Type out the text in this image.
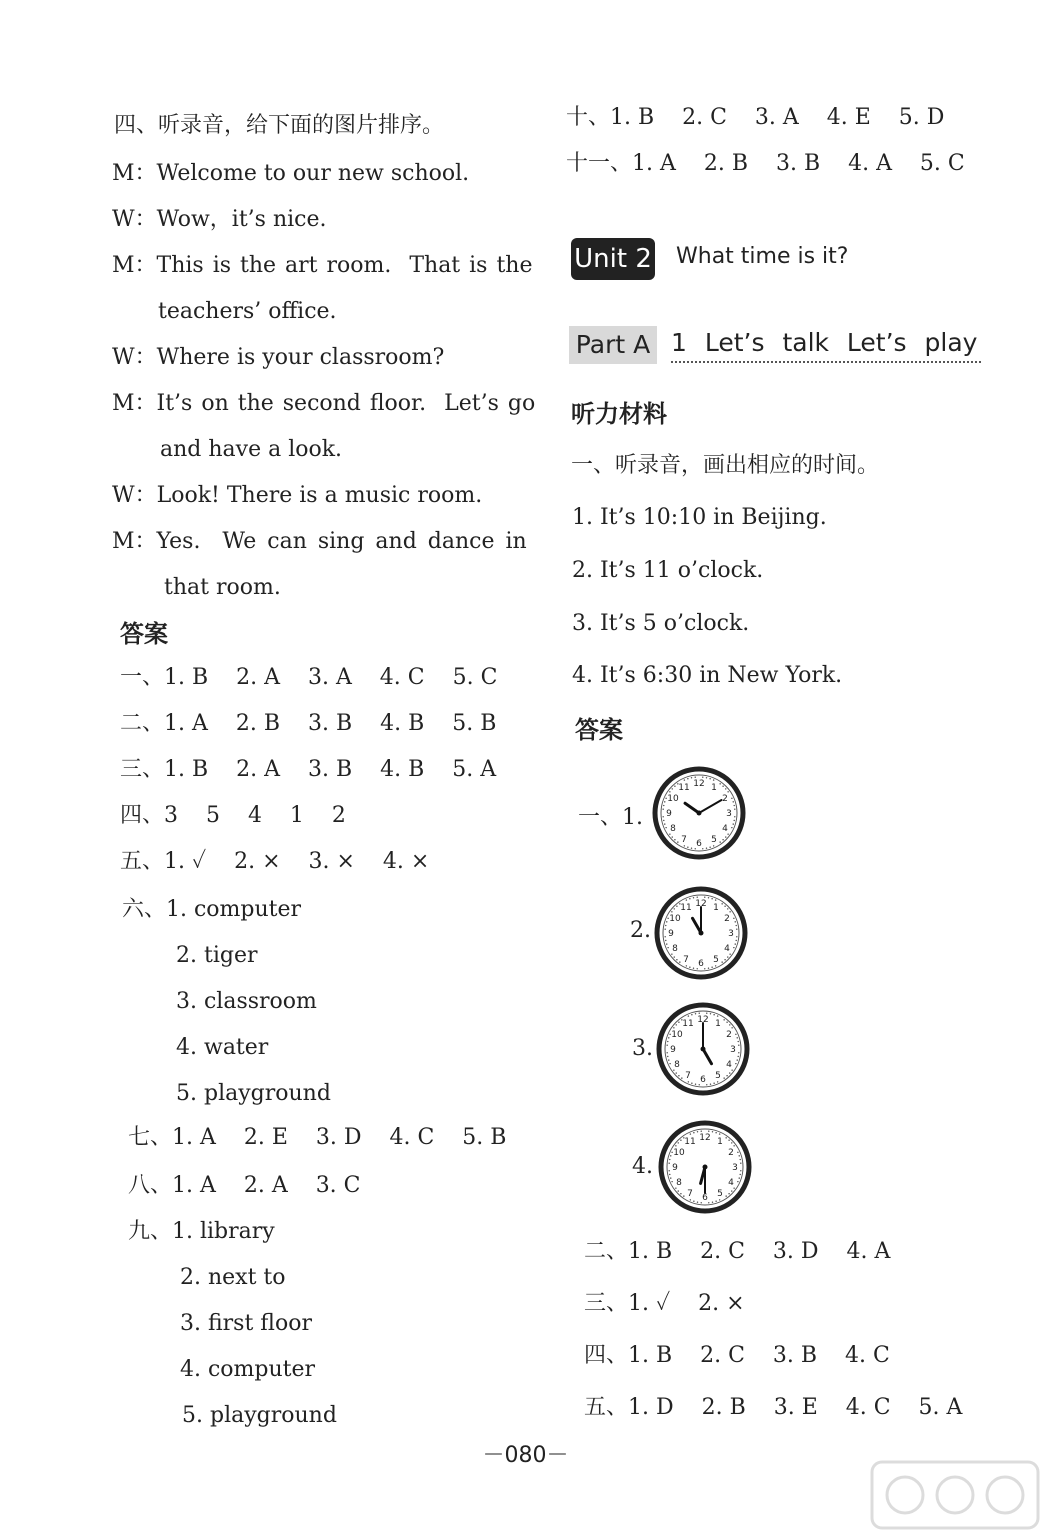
四、听录音，给下面的图片排序。
M：Welcome to our new school.
W：Wow，it’s nice.
M：This is the art room.  That is the
teachers’ office.
W：Where is your classroom?
M：It’s on the second floor.  Let’s go
and have a look.
W：Look! There is a music room.
M：Yes.  We can sing and dance in
that room.
答案
一、1. B    2. A    3. A    4. C    5. C
二、1. A    2. B    3. B    4. B    5. B
三、1. B    2. A    3. B    4. B    5. A
四、3    5    4    1    2
五、1. ✓    2. ×    3. ×    4. ×
六、1. computer
2. tiger
3. classroom
4. water
5. playground
七、1. A    2. E    3. D    4. C    5. B
八、1. A    2. A    3. C
九、1. library
2. next to
3. first floor
4. computer
5. playground
十、1. B    2. C    3. A    4. E    5. D
十一、1. A    2. B    3. B    4. A    5. C
Unit 2 What time is it?
Part A 1 Let’s talk Let’s play
听力材料
一、听录音，画出相应的时间。
1. It’s 10:10 in Beijing.
2. It’s 11 o’clock.
3. It’s 5 o’clock.
4. It’s 6:30 in New York.
答案
一、1.
1
2
3
4
5
6
7
8
9
10
11 12
2.
1
2
3
4
5
6
7
8
9
10
11 12
3.
1
2
3
4
5
6
7
8
9
10
11 12
4.
1
2
3
4
5
6
7
8
9
10
11 12
二、1. B    2. C    3. D    4. A
三、1. ✓    2. ×
四、1. B    2. C    3. B    4. C
五、1. D    2. B    3. E    4. C    5. A
－080－
